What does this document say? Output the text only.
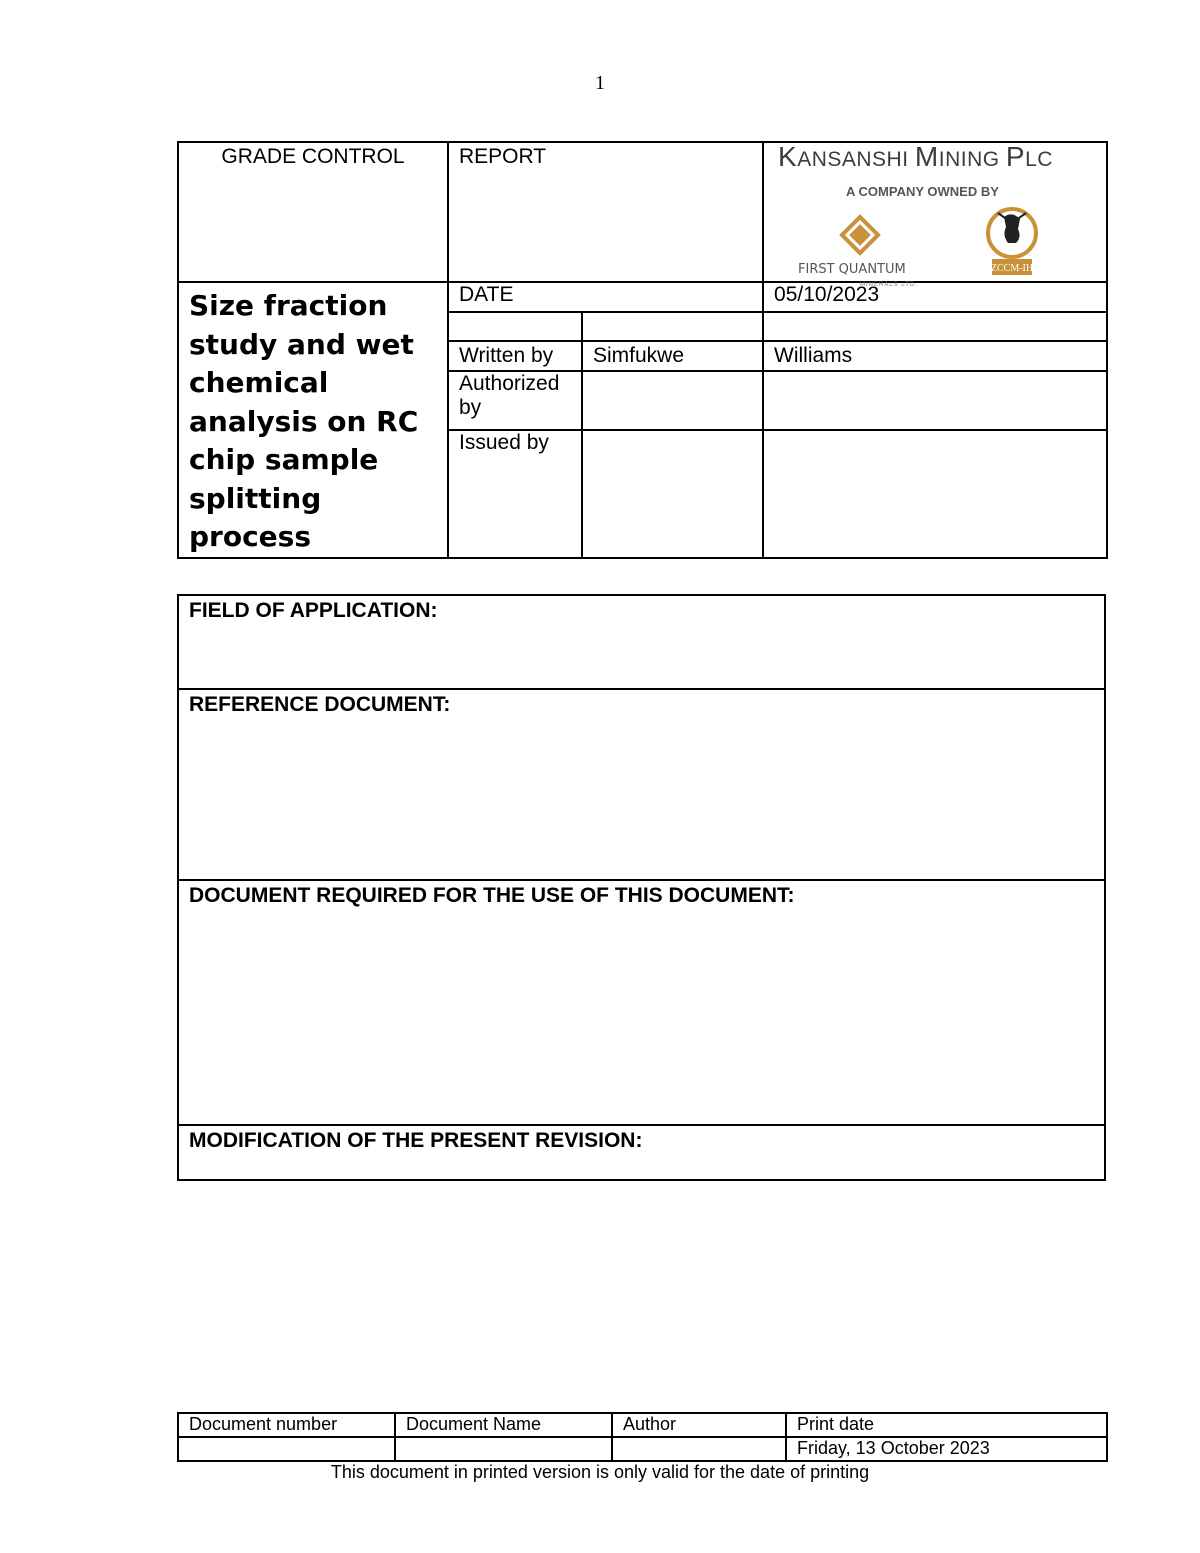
1
GRADE CONTROL	REPORT		KANSANSHI MINING PLC
A COMPANY OWNED BY
FIRST QUANTUM
MINERALS LTD.
ZCCM-IH

Size fraction study and wet chemical analysis on RC chip sample splitting process	DATE		05/10/2023

	Written by	Simfukwe	Williams
	Authorized by		
	Issued by		
FIELD OF APPLICATION:
REFERENCE DOCUMENT:
DOCUMENT REQUIRED FOR THE USE OF THIS DOCUMENT:
MODIFICATION OF THE PRESENT REVISION:
Document number	Document Name	Author	Print date
			Friday, 13 October 2023
This document in printed version is only valid for the date of printing
